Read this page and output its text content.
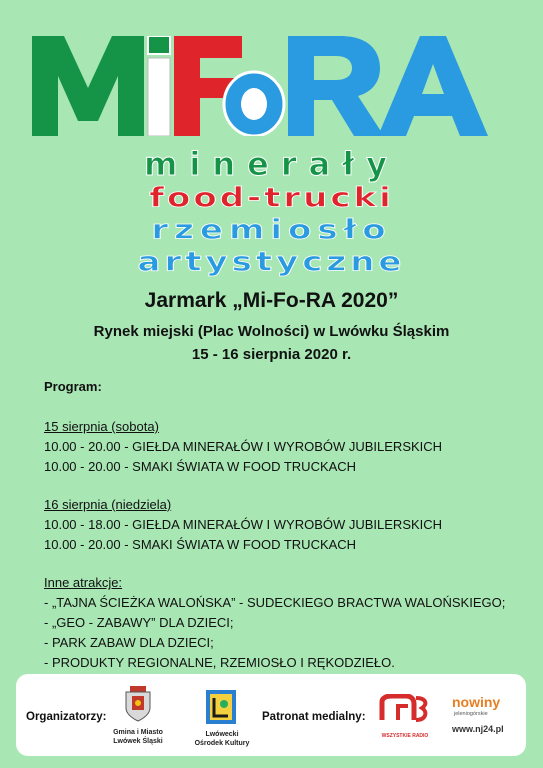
minerały
food-trucki
rzemiosło
artystyczne
Jarmark „Mi-Fo-RA 2020”
Rynek miejski (Plac Wolności) w Lwówku Śląskim
15 - 16 sierpnia 2020 r.
Program:
15 sierpnia (sobota)
10.00 - 20.00 - GIEŁDA MINERAŁÓW I WYROBÓW JUBILERSKICH
10.00 - 20.00 - SMAKI ŚWIATA W FOOD TRUCKACH
16 sierpnia (niedziela)
10.00 - 18.00 - GIEŁDA MINERAŁÓW I WYROBÓW JUBILERSKICH
10.00 - 20.00 - SMAKI ŚWIATA W FOOD TRUCKACH
Inne atrakcje:
- „TAJNA ŚCIEŻKA WALOŃSKA” - SUDECKIEGO BRACTWA WALOŃSKIEGO;
- „GEO - ZABAWY” DLA DZIECI;
- PARK ZABAW DLA DZIECI;
- PRODUKTY REGIONALNE, RZEMIOSŁO I RĘKODZIEŁO.
Organizatorzy:
Gmina i Miasto
Lwówek Śląski
Lwówecki
Ośrodek Kultury
Patronat medialny:
WSZYSTKIE RADIO
nowiny
jeleniogórskie
www.nj24.pl
